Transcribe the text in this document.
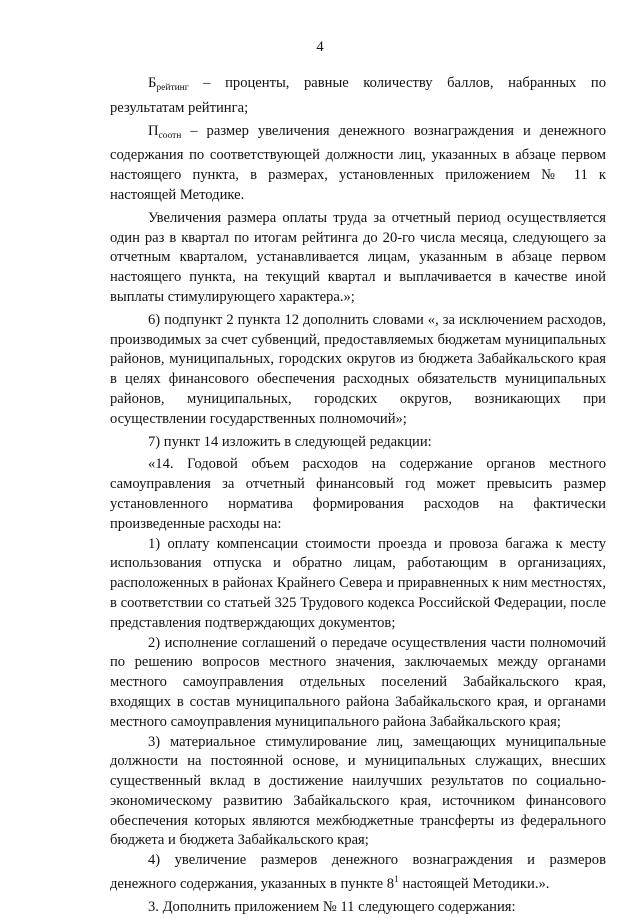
4

$Б_{рейтинг}$ – проценты, равные количеству баллов, набранных по результатам рейтинга;

$П_{соотн}$ – размер увеличения денежного вознаграждения и денежного содержания по соответствующей должности лиц, указанных в абзаце первом настоящего пункта, в размерах, установленных приложением № 11 к настоящей Методике.

Увеличения размера оплаты труда за отчетный период осуществляется один раз в квартал по итогам рейтинга до 20-го числа месяца, следующего за отчетным кварталом, устанавливается лицам, указанным в абзаце первом настоящего пункта, на текущий квартал и выплачивается в качестве иной выплаты стимулирующего характера.»;

6) подпункт 2 пункта 12 дополнить словами «, за исключением расходов, производимых за счет субвенций, предоставляемых бюджетам муниципальных районов, муниципальных, городских округов из бюджета Забайкальского края в целях финансового обеспечения расходных обязательств муниципальных районов, муниципальных, городских округов, возникающих при осуществлении государственных полномочий»;

7) пункт 14 изложить в следующей редакции:

«14. Годовой объем расходов на содержание органов местного самоуправления за отчетный финансовый год может превысить размер установленного норматива формирования расходов на фактически произведенные расходы на:

1) оплату компенсации стоимости проезда и провоза багажа к месту использования отпуска и обратно лицам, работающим в организациях, расположенных в районах Крайнего Севера и приравненных к ним местностях, в соответствии со статьей 325 Трудового кодекса Российской Федерации, после представления подтверждающих документов;

2) исполнение соглашений о передаче осуществления части полномочий по решению вопросов местного значения, заключаемых между органами местного самоуправления отдельных поселений Забайкальского края, входящих в состав муниципального района Забайкальского края, и органами местного самоуправления муниципального района Забайкальского края;

3) материальное стимулирование лиц, замещающих муниципальные должности на постоянной основе, и муниципальных служащих, внесших существенный вклад в достижение наилучших результатов по социально-экономическому развитию Забайкальского края, источником финансового обеспечения которых являются межбюджетные трансферты из федерального бюджета и бюджета Забайкальского края;

4) увеличение размеров денежного вознаграждения и размеров денежного содержания, указанных в пункте $8^1$ настоящей Методики.».

3. Дополнить приложением № 11 следующего содержания:
